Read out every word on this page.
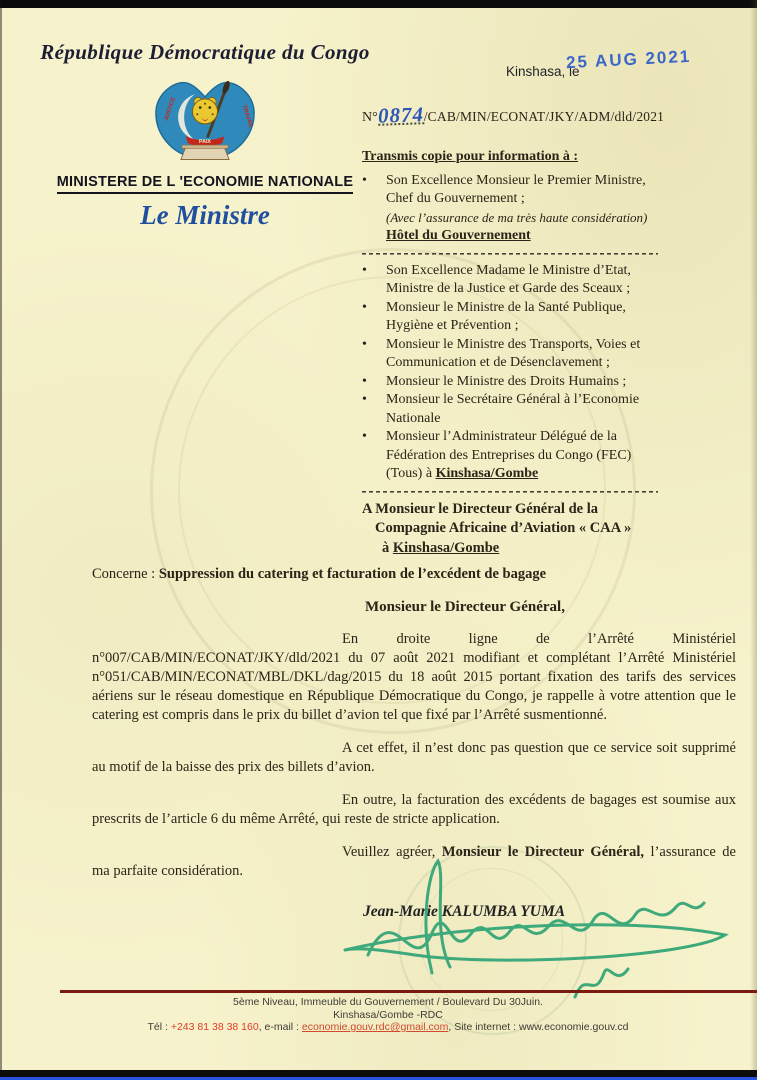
République Démocratique du Congo
JUSTICE	TRAVAIL
PAIX
MINISTERE DE L 'ECONOMIE NATIONALE
Le Ministre
Kinshasa, le
25 AUG 2021
N°0874/CAB/MIN/ECONAT/JKY/ADM/dld/2021
Transmis copie pour information à :
•	Son Excellence Monsieur le Premier Ministre,
Chef du Gouvernement ;
(Avec l’assurance de ma très haute considération)
Hôtel du Gouvernement
•	Son Excellence Madame le Ministre d’Etat,
Ministre de la Justice et Garde des Sceaux ;
•	Monsieur le Ministre de la Santé Publique,
Hygiène et Prévention ;
•	Monsieur le Ministre des Transports, Voies et
Communication et de Désenclavement ;
•	Monsieur le Ministre des Droits Humains ;
•	Monsieur le Secrétaire Général à l’Economie
Nationale
•	Monsieur l’Administrateur Délégué de la
Fédération des Entreprises du Congo (FEC)
(Tous) à Kinshasa/Gombe
A Monsieur le Directeur Général de la
Compagnie Africaine d’Aviation « CAA »
à Kinshasa/Gombe
Concerne : Suppression du catering et facturation de l’excédent de bagage
Monsieur le Directeur Général,

En droite ligne de l’Arrêté Ministériel n°007/CAB/MIN/ECONAT/JKY/dld/2021 du 07 août 2021 modifiant et complétant l’Arrêté Ministériel n°051/CAB/MIN/ECONAT/MBL/DKL/dag/2015 du 18 août 2015 portant fixation des tarifs des services aériens sur le réseau domestique en République Démocratique du Congo, je rappelle à votre attention que le catering est compris dans le prix du billet d’avion tel que fixé par l’Arrêté susmentionné.

A cet effet, il n’est donc pas question que ce service soit supprimé au motif de la baisse des prix des billets d’avion.

En outre, la facturation des excédents de bagages est soumise aux prescrits de l’article 6 du même Arrêté, qui reste de stricte application.

Veuillez agréer, Monsieur le Directeur Général, l’assurance de ma parfaite considération.

Jean-Marie KALUMBA YUMA
5ème Niveau, Immeuble du Gouvernement / Boulevard Du 30Juin.
Kinshasa/Gombe -RDC
Tél : +243 81 38 38 160, e-mail : economie.gouv.rdc@gmail.com, Site internet : www.economie.gouv.cd
